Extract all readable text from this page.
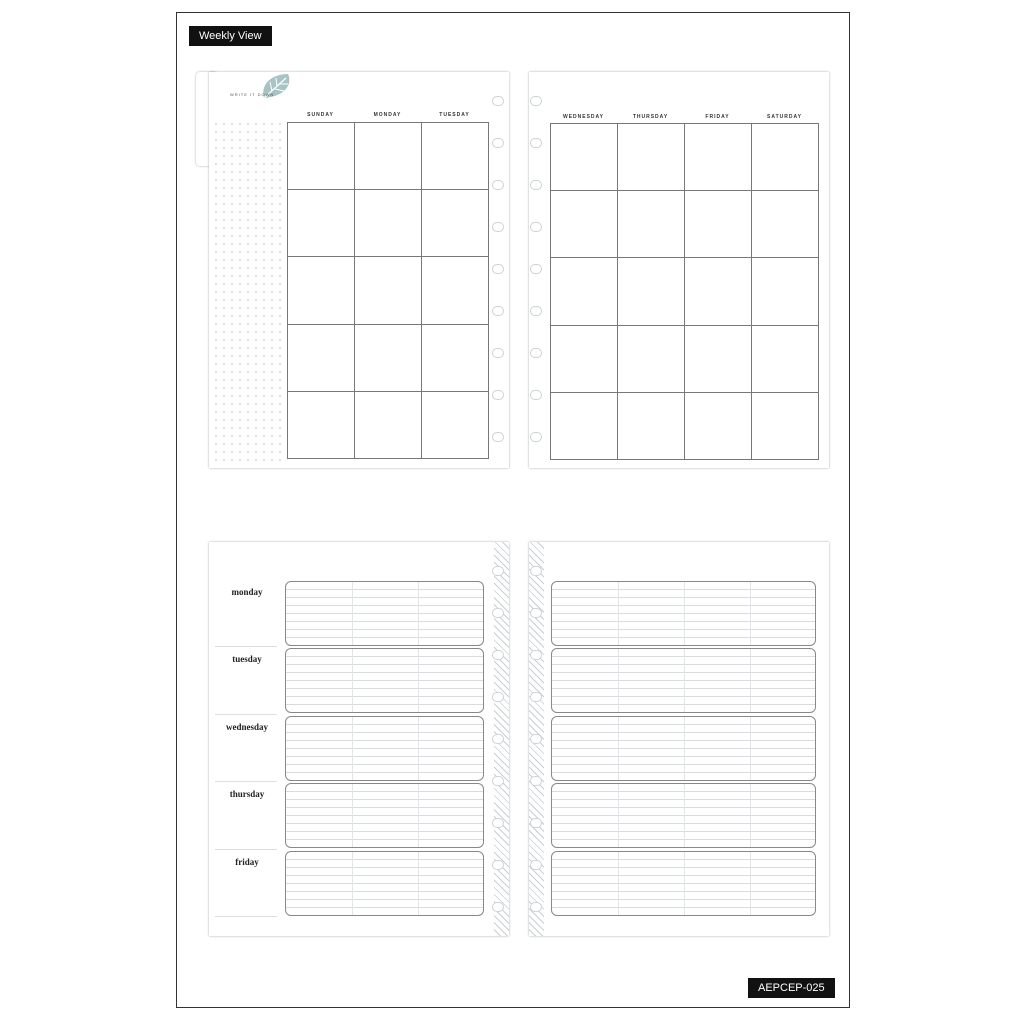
Weekly View
WRITE IT DOWN
SUNDAY	MONDAY	TUESDAY	WEDNESDAY	THURSDAY	FRIDAY	SATURDAY
monday
tuesday
wednesday
thursday
friday
AEPCEP-025
